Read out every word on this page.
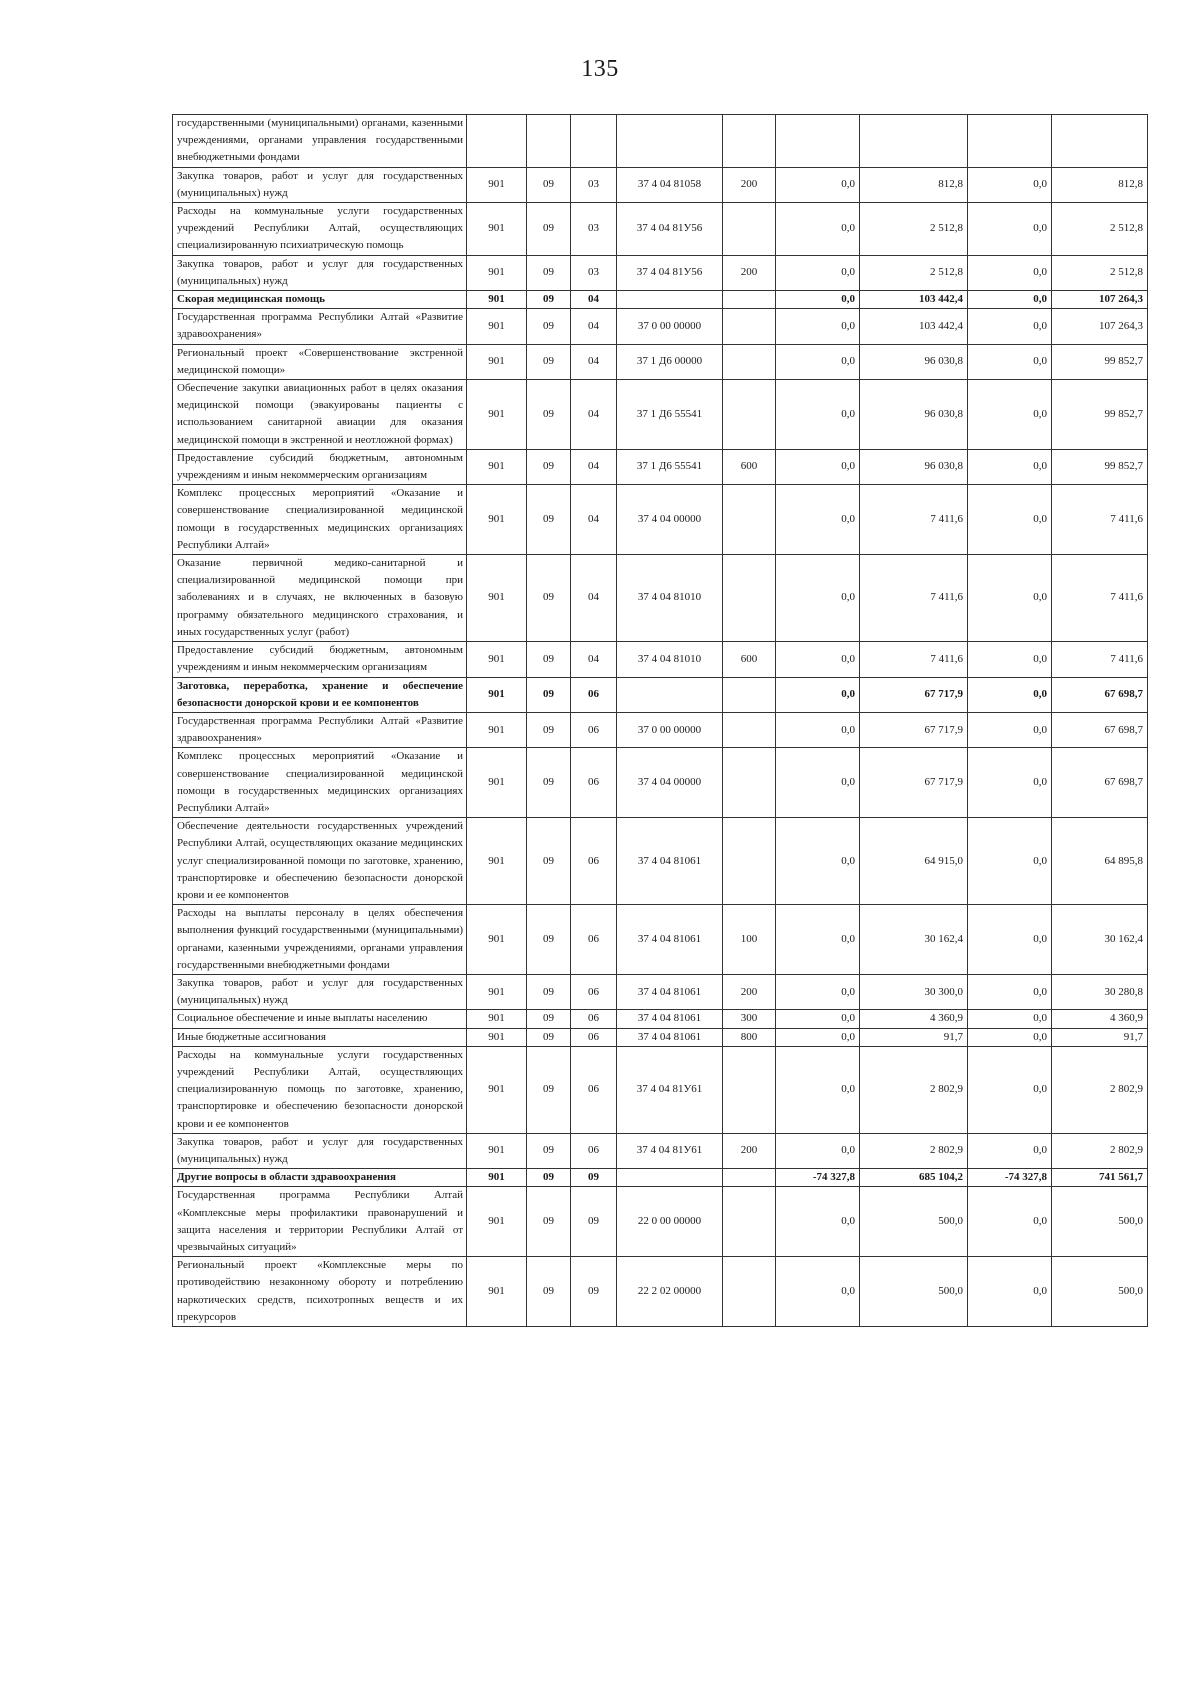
135
государственными (муниципальными) органами, казенными учреждениями, органами управления государственными внебюджетными фондами									
Закупка товаров, работ и услуг для государственных (муниципальных) нужд	901	09	03	37 4 04 81058	200	0,0	812,8	0,0	812,8
Расходы на коммунальные услуги государственных учреждений Республики Алтай, осуществляющих специализированную психиатрическую помощь	901	09	03	37 4 04 81У56		0,0	2 512,8	0,0	2 512,8
Закупка товаров, работ и услуг для государственных (муниципальных) нужд	901	09	03	37 4 04 81У56	200	0,0	2 512,8	0,0	2 512,8
Скорая медицинская помощь	901	09	04			0,0	103 442,4	0,0	107 264,3
Государственная программа Республики Алтай «Развитие здравоохранения»	901	09	04	37 0 00 00000		0,0	103 442,4	0,0	107 264,3
Региональный проект «Совершенствование экстренной медицинской помощи»	901	09	04	37 1 Д6 00000		0,0	96 030,8	0,0	99 852,7
Обеспечение закупки авиационных работ в целях оказания медицинской помощи (эвакуированы пациенты с использованием санитарной авиации для оказания медицинской помощи в экстренной и неотложной формах)	901	09	04	37 1 Д6 55541		0,0	96 030,8	0,0	99 852,7
Предоставление субсидий бюджетным, автономным учреждениям и иным некоммерческим организациям	901	09	04	37 1 Д6 55541	600	0,0	96 030,8	0,0	99 852,7
Комплекс процессных мероприятий «Оказание и совершенствование специализированной медицинской помощи в государственных медицинских организациях Республики Алтай»	901	09	04	37 4 04 00000		0,0	7 411,6	0,0	7 411,6
Оказание первичной медико-санитарной и специализированной медицинской помощи при заболеваниях и в случаях, не включенных в базовую программу обязательного медицинского страхования, и иных государственных услуг (работ)	901	09	04	37 4 04 81010		0,0	7 411,6	0,0	7 411,6
Предоставление субсидий бюджетным, автономным учреждениям и иным некоммерческим организациям	901	09	04	37 4 04 81010	600	0,0	7 411,6	0,0	7 411,6
Заготовка, переработка, хранение и обеспечение безопасности донорской крови и ее компонентов	901	09	06			0,0	67 717,9	0,0	67 698,7
Государственная программа Республики Алтай «Развитие здравоохранения»	901	09	06	37 0 00 00000		0,0	67 717,9	0,0	67 698,7
Комплекс процессных мероприятий «Оказание и совершенствование специализированной медицинской помощи в государственных медицинских организациях Республики Алтай»	901	09	06	37 4 04 00000		0,0	67 717,9	0,0	67 698,7
Обеспечение деятельности государственных учреждений Республики Алтай, осуществляющих оказание медицинских услуг специализированной помощи по заготовке, хранению, транспортировке и обеспечению безопасности донорской крови и ее компонентов	901	09	06	37 4 04 81061		0,0	64 915,0	0,0	64 895,8
Расходы на выплаты персоналу в целях обеспечения выполнения функций государственными (муниципальными) органами, казенными учреждениями, органами управления государственными внебюджетными фондами	901	09	06	37 4 04 81061	100	0,0	30 162,4	0,0	30 162,4
Закупка товаров, работ и услуг для государственных (муниципальных) нужд	901	09	06	37 4 04 81061	200	0,0	30 300,0	0,0	30 280,8
Социальное обеспечение и иные выплаты населению	901	09	06	37 4 04 81061	300	0,0	4 360,9	0,0	4 360,9
Иные бюджетные ассигнования	901	09	06	37 4 04 81061	800	0,0	91,7	0,0	91,7
Расходы на коммунальные услуги государственных учреждений Республики Алтай, осуществляющих специализированную помощь по заготовке, хранению, транспортировке и обеспечению безопасности донорской крови и ее компонентов	901	09	06	37 4 04 81У61		0,0	2 802,9	0,0	2 802,9
Закупка товаров, работ и услуг для государственных (муниципальных) нужд	901	09	06	37 4 04 81У61	200	0,0	2 802,9	0,0	2 802,9
Другие вопросы в области здравоохранения	901	09	09			-74 327,8	685 104,2	-74 327,8	741 561,7
Государственная программа Республики Алтай «Комплексные меры профилактики правонарушений и защита населения и территории Республики Алтай от чрезвычайных ситуаций»	901	09	09	22 0 00 00000		0,0	500,0	0,0	500,0
Региональный проект «Комплексные меры по противодействию незаконному обороту и потреблению наркотических средств, психотропных веществ и их прекурсоров	901	09	09	22 2 02 00000		0,0	500,0	0,0	500,0
